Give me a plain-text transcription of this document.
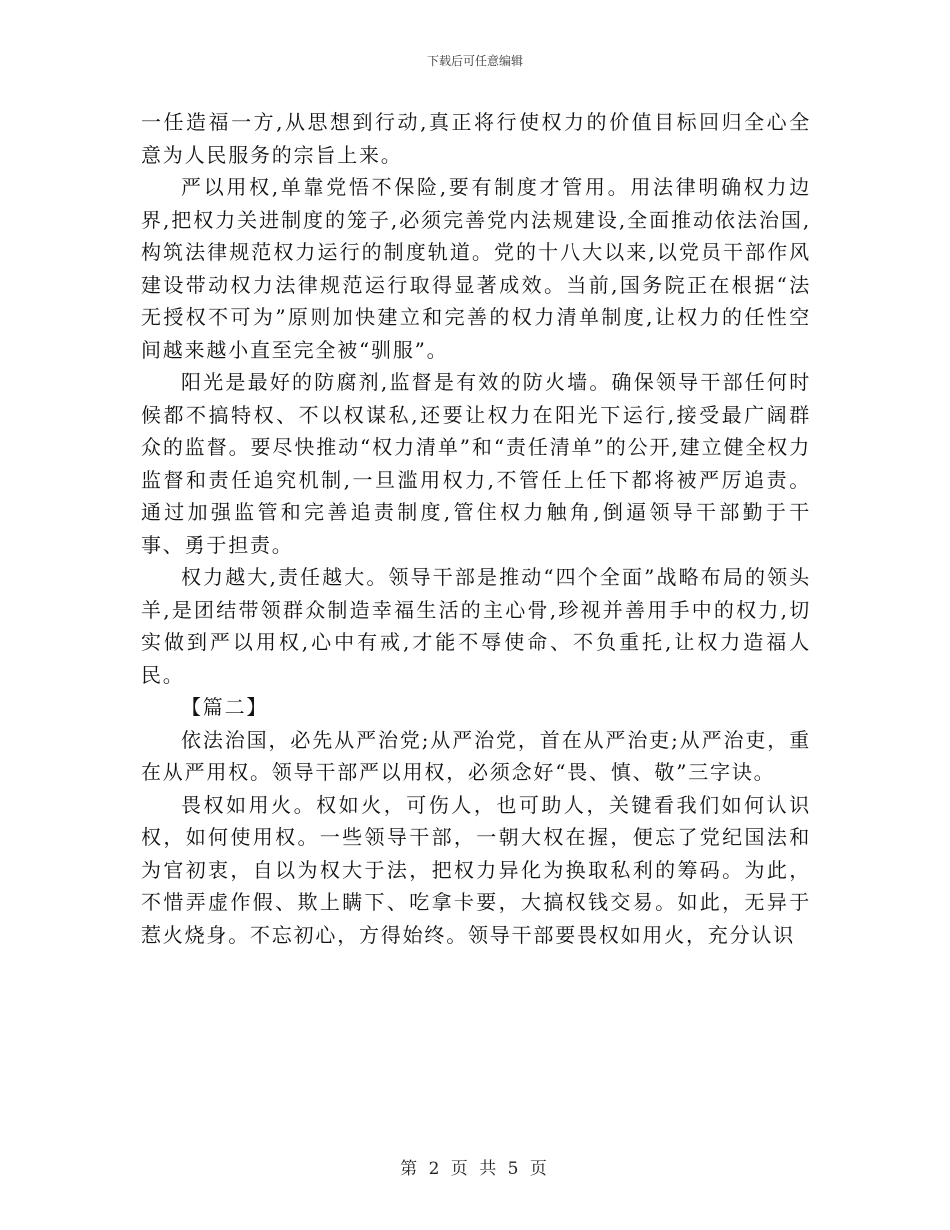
下载后可任意编辑

一任造福一方,从思想到行动,真正将行使权力的价值目标回归全心全意为人民服务的宗旨上来。

严以用权,单靠党悟不保险,要有制度才管用。用法律明确权力边界,把权力关进制度的笼子,必须完善党内法规建设,全面推动依法治国,构筑法律规范权力运行的制度轨道。党的十八大以来,以党员干部作风建设带动权力法律规范运行取得显著成效。当前,国务院正在根据“法无授权不可为”原则加快建立和完善的权力清单制度,让权力的任性空间越来越小直至完全被“驯服”。

阳光是最好的防腐剂,监督是有效的防火墙。确保领导干部任何时候都不搞特权、不以权谋私,还要让权力在阳光下运行,接受最广阔群众的监督。要尽快推动“权力清单”和“责任清单”的公开,建立健全权力监督和责任追究机制,一旦滥用权力,不管任上任下都将被严厉追责。通过加强监管和完善追责制度,管住权力触角,倒逼领导干部勤于干事、勇于担责。

权力越大,责任越大。领导干部是推动“四个全面”战略布局的领头羊,是团结带领群众制造幸福生活的主心骨,珍视并善用手中的权力,切实做到严以用权,心中有戒,才能不辱使命、不负重托,让权力造福人民。

【篇二】

依法治国，必先从严治党;从严治党，首在从严治吏;从严治吏，重在从严用权。领导干部严以用权，必须念好“畏、慎、敬”三字诀。

畏权如用火。权如火，可伤人，也可助人，关键看我们如何认识权，如何使用权。一些领导干部，一朝大权在握，便忘了党纪国法和为官初衷，自以为权大于法，把权力异化为换取私利的筹码。为此，不惜弄虚作假、欺上瞒下、吃拿卡要，大搞权钱交易。如此，无异于惹火烧身。不忘初心，方得始终。领导干部要畏权如用火，充分认识

第 2 页 共 5 页
